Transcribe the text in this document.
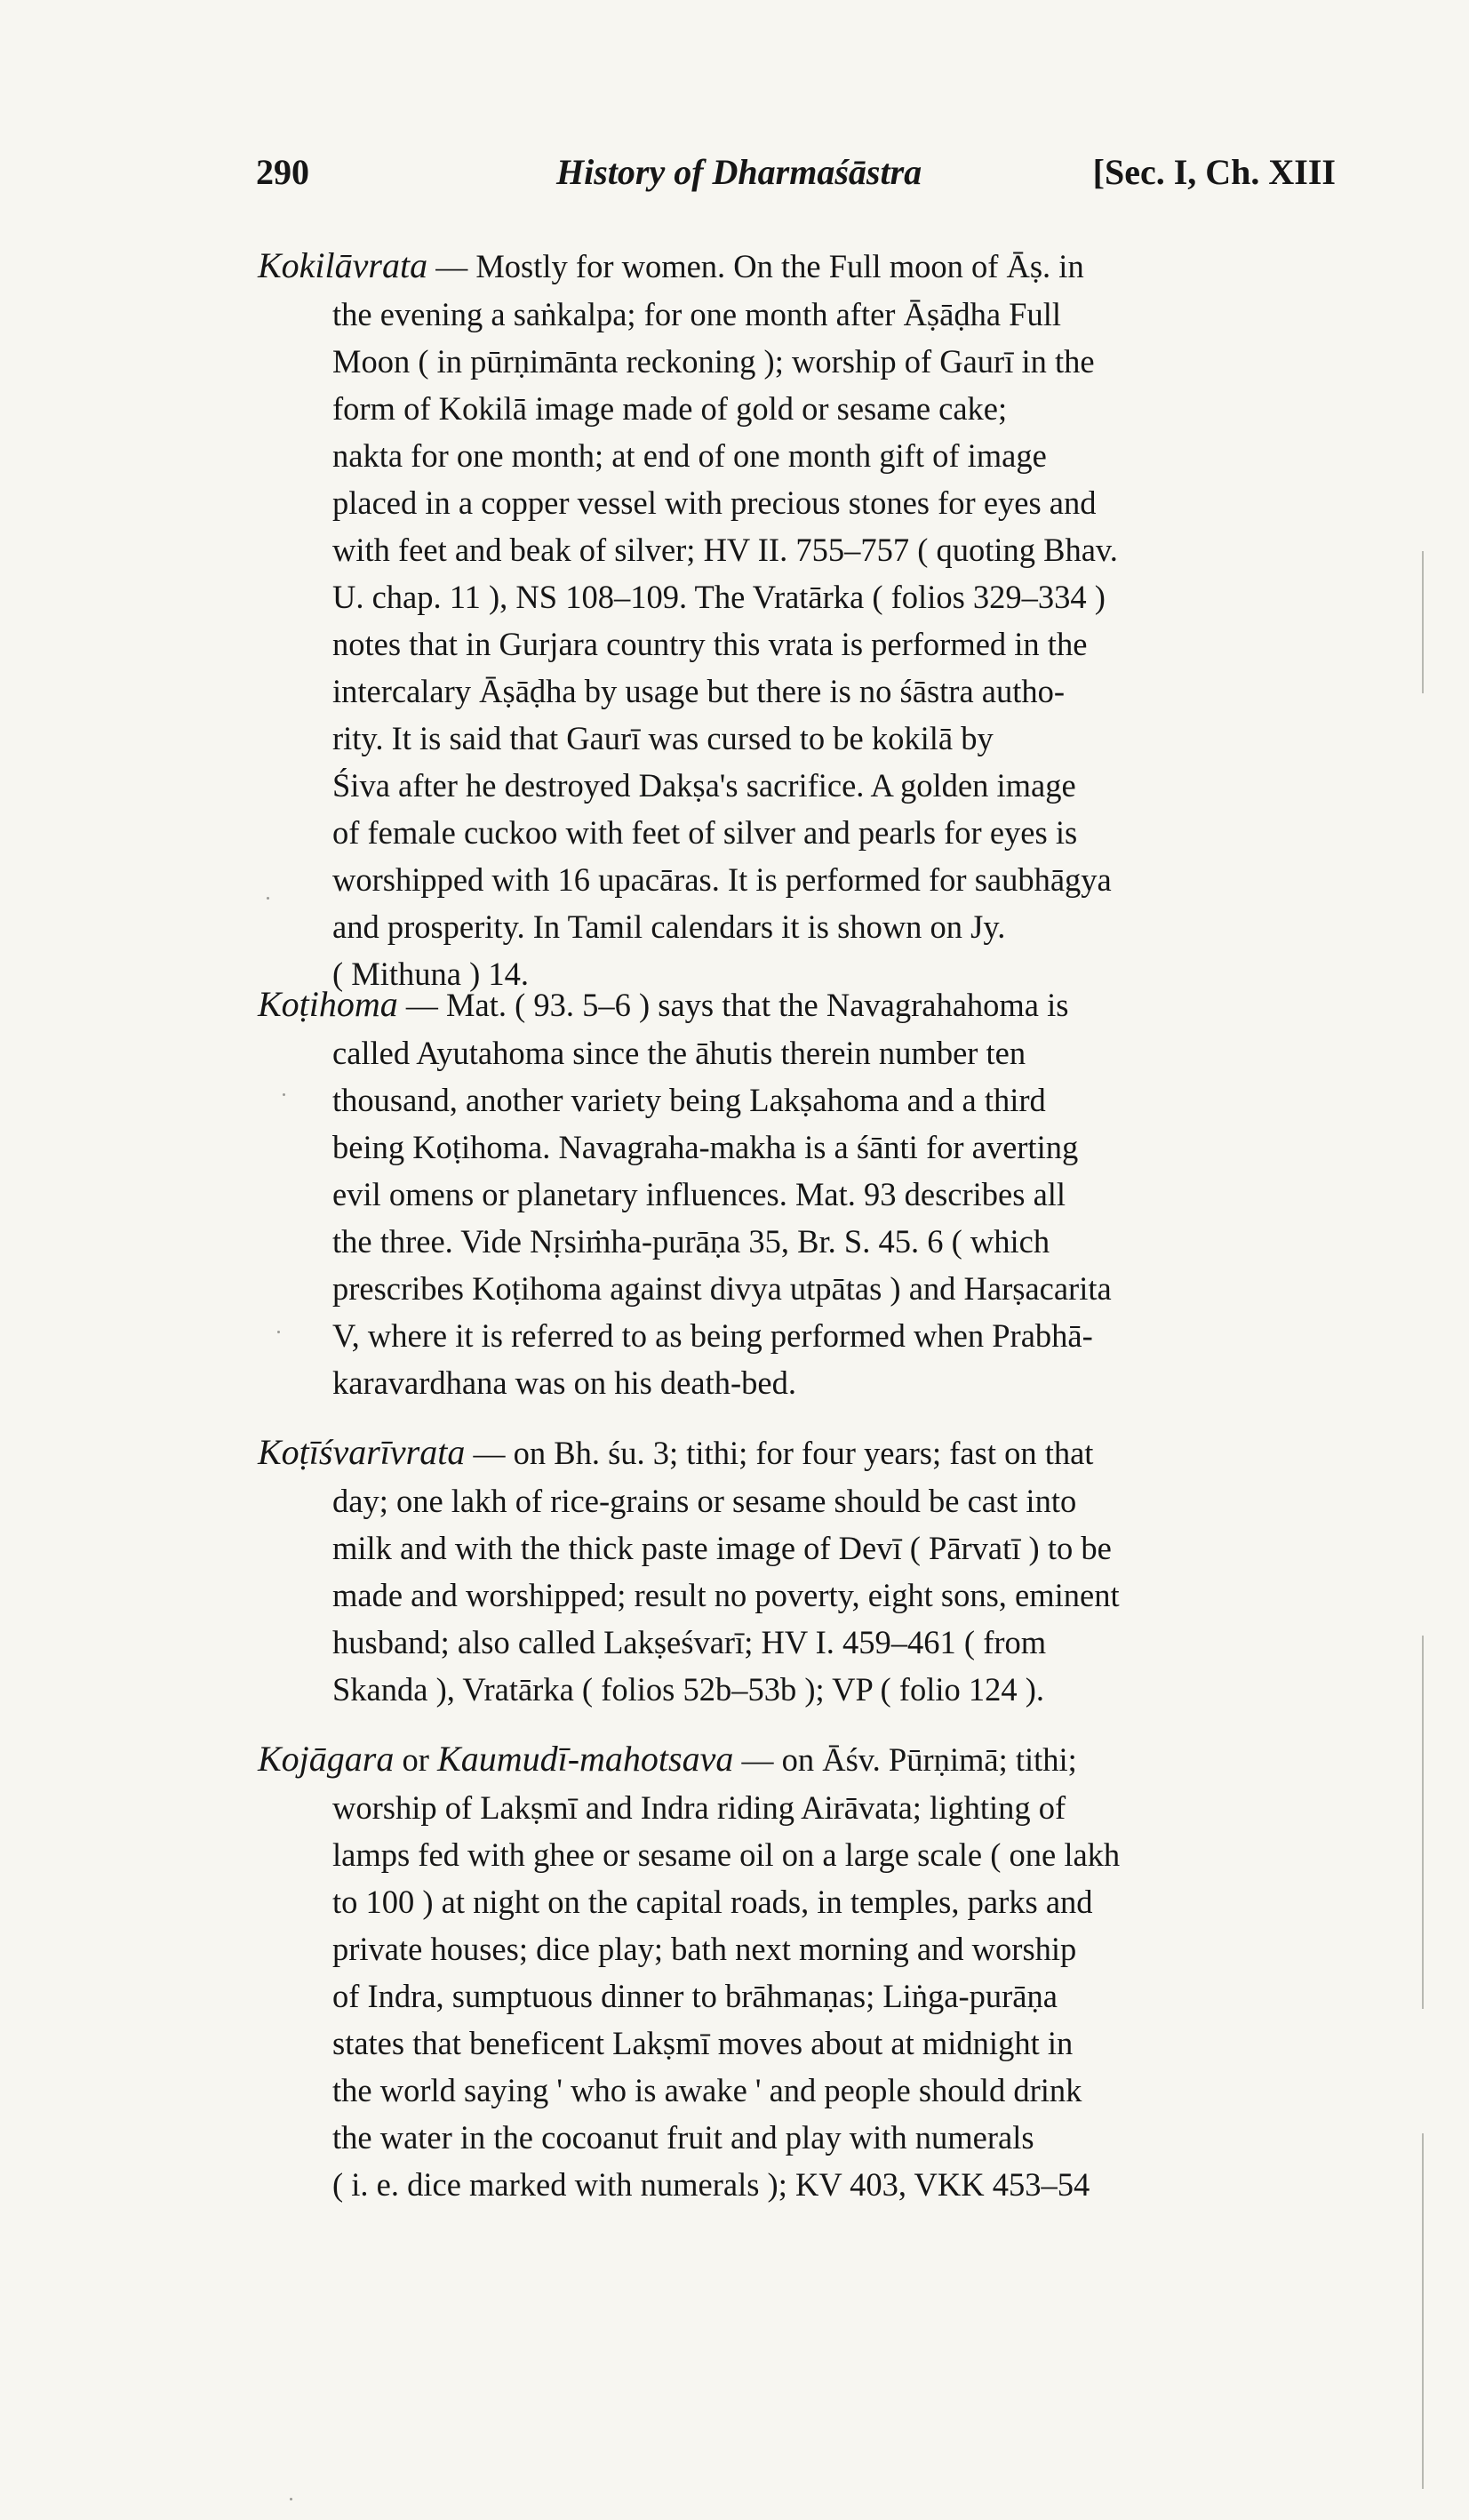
290	History of Dharmaśāstra	[Sec. I, Ch. XIII

Kokilāvrata — Mostly for women. On the Full moon of Āṣ. in
the evening a saṅkalpa; for one month after Āṣāḍha Full
Moon ( in pūrṇimānta reckoning ); worship of Gaurī in the
form of Kokilā image made of gold or sesame cake;
nakta for one month; at end of one month gift of image
placed in a copper vessel with precious stones for eyes and
with feet and beak of silver; HV II. 755–757 ( quoting Bhav.
U. chap. 11 ), NS 108–109. The Vratārka ( folios 329–334 )
notes that in Gurjara country this vrata is performed in the
intercalary Āṣāḍha by usage but there is no śāstra autho-
rity. It is said that Gaurī was cursed to be kokilā by
Śiva after he destroyed Dakṣa's sacrifice. A golden image
of female cuckoo with feet of silver and pearls for eyes is
worshipped with 16 upacāras. It is performed for saubhāgya
and prosperity. In Tamil calendars it is shown on Jy.
( Mithuna ) 14.

Koṭihoma — Mat. ( 93. 5–6 ) says that the Navagrahahoma is
called Ayutahoma since the āhutis therein number ten
thousand, another variety being Lakṣahoma and a third
being Koṭihoma. Navagraha-makha is a śānti for averting
evil omens or planetary influences. Mat. 93 describes all
the three. Vide Nṛsiṁha-purāṇa 35, Br. S. 45. 6 ( which
prescribes Koṭihoma against divya utpātas ) and Harṣacarita
V, where it is referred to as being performed when Prabhā-
karavardhana was on his death-bed.

Koṭīśvarīvrata — on Bh. śu. 3; tithi; for four years; fast on that
day; one lakh of rice-grains or sesame should be cast into
milk and with the thick paste image of Devī ( Pārvatī ) to be
made and worshipped; result no poverty, eight sons, eminent
husband; also called Lakṣeśvarī; HV I. 459–461 ( from
Skanda ), Vratārka ( folios 52b–53b ); VP ( folio 124 ).

Kojāgara or Kaumudī-mahotsava — on Āśv. Pūrṇimā; tithi;
worship of Lakṣmī and Indra riding Airāvata; lighting of
lamps fed with ghee or sesame oil on a large scale ( one lakh
to 100 ) at night on the capital roads, in temples, parks and
private houses; dice play; bath next morning and worship
of Indra, sumptuous dinner to brāhmaṇas; Liṅga-purāṇa
states that beneficent Lakṣmī moves about at midnight in
the world saying ' who is awake ' and people should drink
the water in the cocoanut fruit and play with numerals
( i. e. dice marked with numerals ); KV 403, VKK 453–54
